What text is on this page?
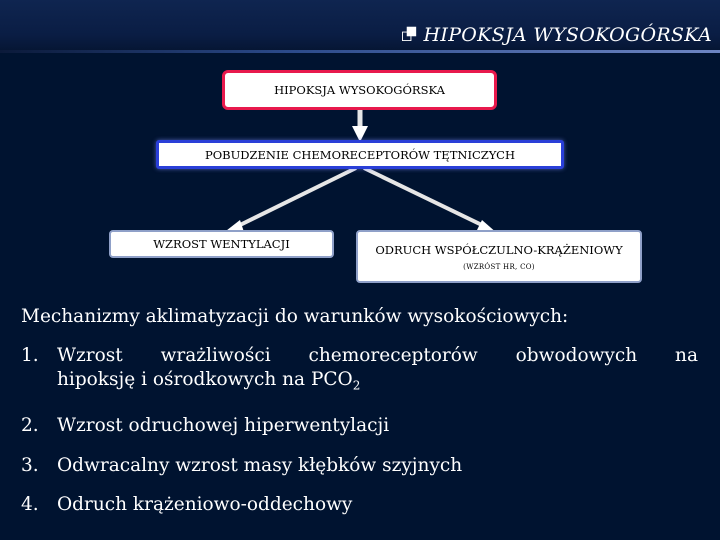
⮻ HIPOKSJA WYSOKOGÓRSKA
HIPOKSJA WYSOKOGÓRSKA
POBUDZENIE CHEMORECEPTORÓW TĘTNICZYCH
WZROST WENTYLACJI	ODRUCH WSPÓŁCZULNO-KRĄŻENIOWY
(WZRÓST HR, CO)
Mechanizmy aklimatyzacji do warunków wysokościowych:
1. Wzrost wrażliwości chemoreceptorów obwodowych na
hipoksję i ośrodkowych na $PCO_2$
2. Wzrost odruchowej hiperwentylacji
3. Odwracalny wzrost masy kłębków szyjnych
4. Odruch krążeniowo-oddechowy
